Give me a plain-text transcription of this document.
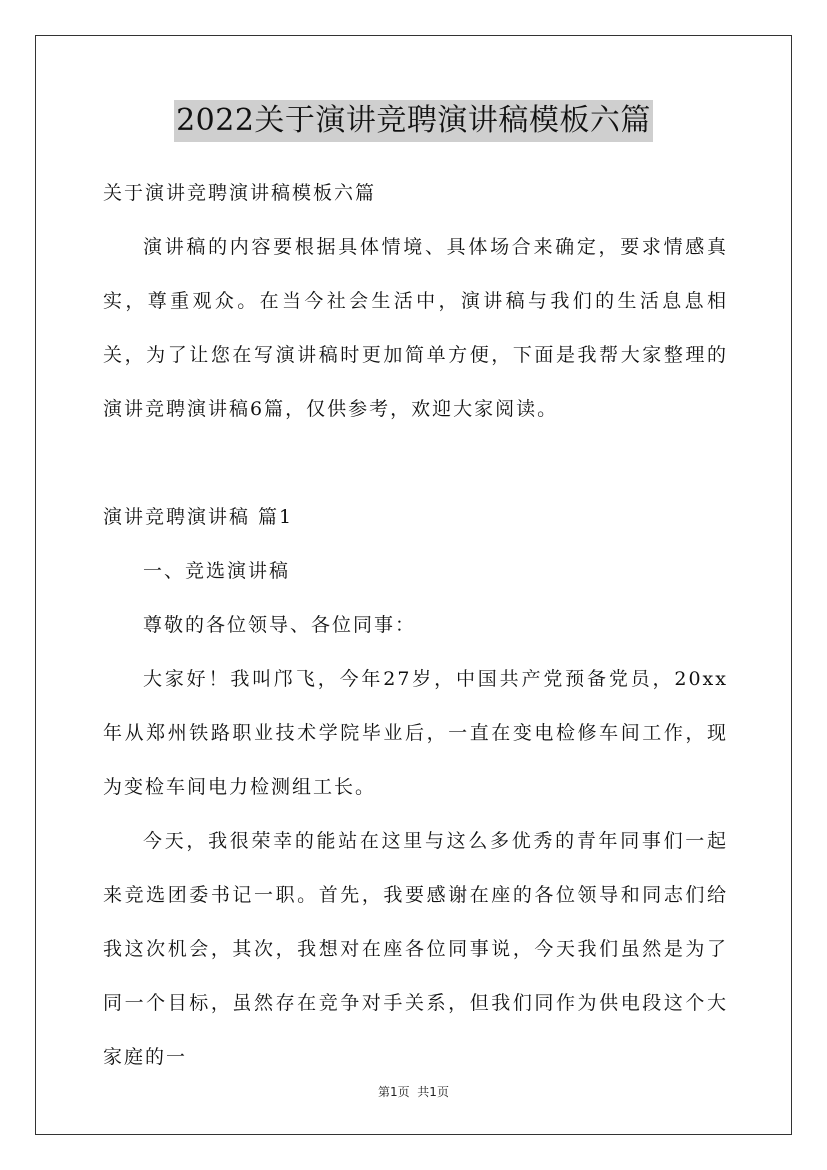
2022关于演讲竞聘演讲稿模板六篇

关于演讲竞聘演讲稿模板六篇

演讲稿的内容要根据具体情境、具体场合来确定，要求情感真实，尊重观众。在当今社会生活中，演讲稿与我们的生活息息相关，为了让您在写演讲稿时更加简单方便，下面是我帮大家整理的演讲竞聘演讲稿6篇，仅供参考，欢迎大家阅读。

演讲竞聘演讲稿 篇1

一、竞选演讲稿

尊敬的各位领导、各位同事：

大家好！我叫邝飞，今年27岁，中国共产党预备党员，20xx年从郑州铁路职业技术学院毕业后，一直在变电检修车间工作，现为变检车间电力检测组工长。

今天，我很荣幸的能站在这里与这么多优秀的青年同事们一起来竞选团委书记一职。首先，我要感谢在座的各位领导和同志们给我这次机会，其次，我想对在座各位同事说，今天我们虽然是为了同一个目标，虽然存在竞争对手关系，但我们同作为供电段这个大家庭的一

第1页  共1页
